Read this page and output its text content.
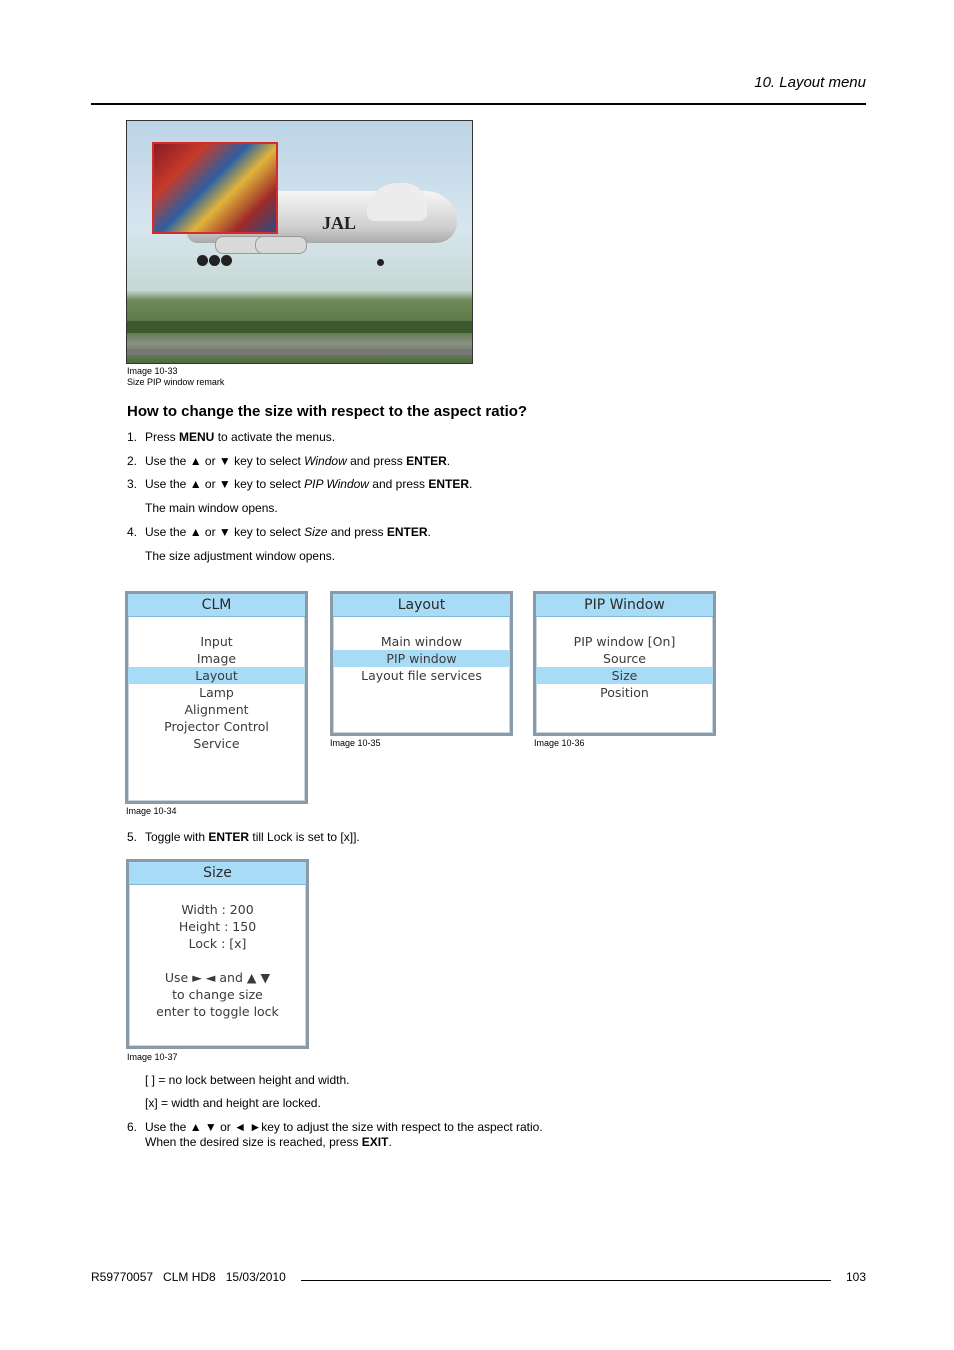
10. Layout menu
JAL
Image 10-33
Size PIP window remark
How to change the size with respect to the aspect ratio?
1. Press MENU to activate the menus.
2. Use the ▲ or ▼ key to select Window and press ENTER.
3. Use the ▲ or ▼ key to select PIP Window and press ENTER.
The main window opens.
4. Use the ▲ or ▼ key to select Size and press ENTER.
The size adjustment window opens.
CLM
Input
Image
Layout
Lamp
Alignment
Projector Control
Service
Image 10-34
Layout
Main window
PIP window
Layout file services
Image 10-35
PIP Window
PIP window [On]
Source
Size
Position
Image 10-36
5. Toggle with ENTER till Lock is set to [x]].
Size
Width : 200
Height : 150
Lock : [x]
Use ► ◄ and ▲ ▼
to change size
enter to toggle lock
Image 10-37
[ ] = no lock between height and width.
[x] = width and height are locked.
6. Use the ▲ ▼ or ◄ ►key to adjust the size with respect to the aspect ratio.
When the desired size is reached, press EXIT.
R59770057   CLM HD8   15/03/2010	103
